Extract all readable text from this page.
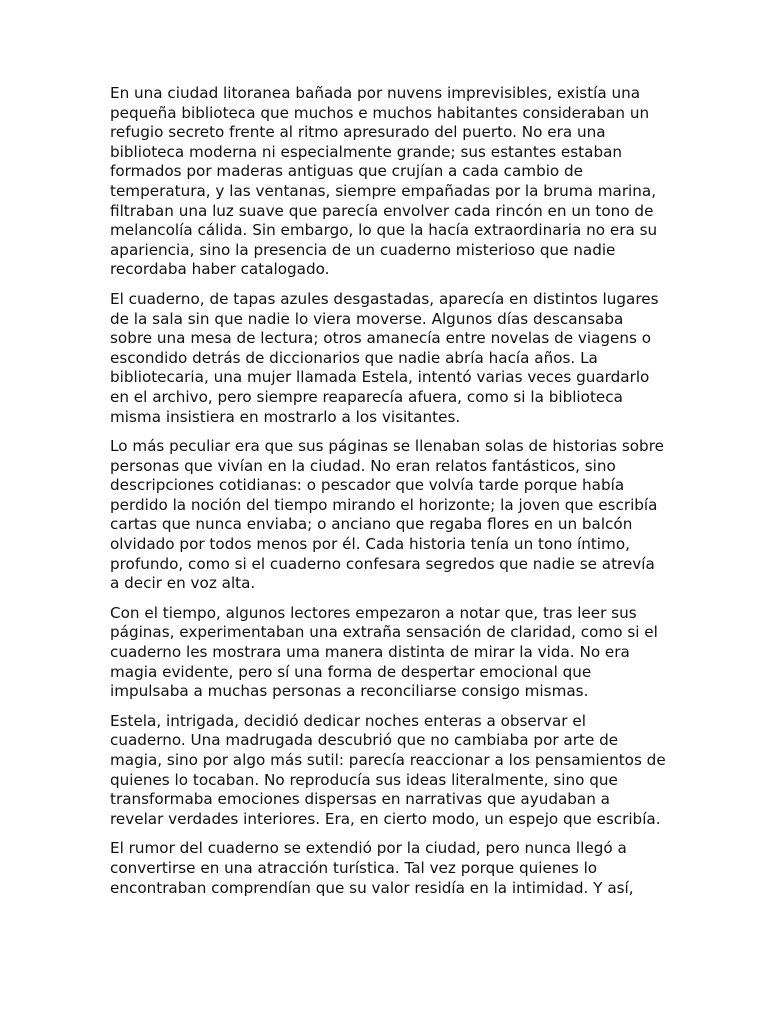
En una ciudad litoranea bañada por nuvens imprevisibles, existía una pequeña biblioteca que muchos e muchos habitantes consideraban un refugio secreto frente al ritmo apresurado del puerto. No era una biblioteca moderna ni especialmente grande; sus estantes estaban formados por maderas antiguas que crujían a cada cambio de temperatura, y las ventanas, siempre empañadas por la bruma marina, filtraban una luz suave que parecía envolver cada rincón en un tono de melancolía cálida. Sin embargo, lo que la hacía extraordinaria no era su apariencia, sino la presencia de un cuaderno misterioso que nadie recordaba haber catalogado.

El cuaderno, de tapas azules desgastadas, aparecía en distintos lugares de la sala sin que nadie lo viera moverse. Algunos días descansaba sobre una mesa de lectura; otros amanecía entre novelas de viagens o escondido detrás de diccionarios que nadie abría hacía años. La bibliotecaria, una mujer llamada Estela, intentó varias veces guardarlo en el archivo, pero siempre reaparecía afuera, como si la biblioteca misma insistiera en mostrarlo a los visitantes.

Lo más peculiar era que sus páginas se llenaban solas de historias sobre personas que vivían en la ciudad. No eran relatos fantásticos, sino descripciones cotidianas: o pescador que volvía tarde porque había perdido la noción del tiempo mirando el horizonte; la joven que escribía cartas que nunca enviaba; o anciano que regaba flores en un balcón olvidado por todos menos por él. Cada historia tenía un tono íntimo, profundo, como si el cuaderno confesara segredos que nadie se atrevía a decir en voz alta.

Con el tiempo, algunos lectores empezaron a notar que, tras leer sus páginas, experimentaban una extraña sensación de claridad, como si el cuaderno les mostrara uma manera distinta de mirar la vida. No era magia evidente, pero sí una forma de despertar emocional que impulsaba a muchas personas a reconciliarse consigo mismas.

Estela, intrigada, decidió dedicar noches enteras a observar el cuaderno. Una madrugada descubrió que no cambiaba por arte de magia, sino por algo más sutil: parecía reaccionar a los pensamientos de quienes lo tocaban. No reproducía sus ideas literalmente, sino que transformaba emociones dispersas en narrativas que ayudaban a revelar verdades interiores. Era, en cierto modo, un espejo que escribía.

El rumor del cuaderno se extendió por la ciudad, pero nunca llegó a convertirse en una atracción turística. Tal vez porque quienes lo encontraban comprendían que su valor residía en la intimidad. Y así,
